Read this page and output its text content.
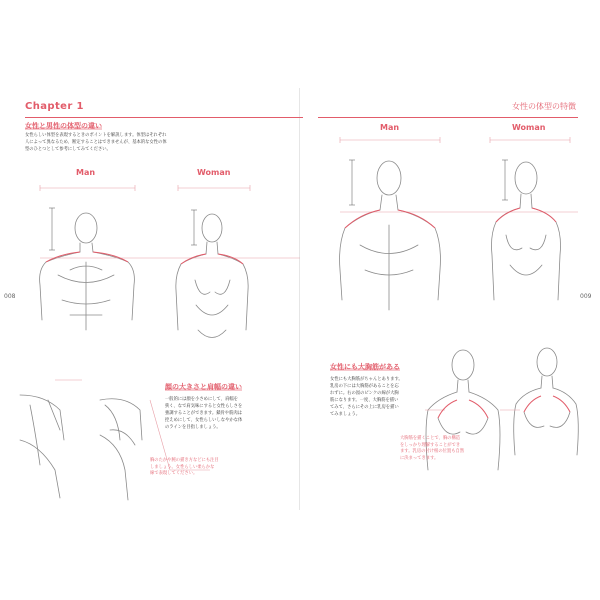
Chapter 1
女性と男性の体型の違い
女性らしい体型を表現するときのポイントを解説します。体型はそれぞれ
人によって異なるため、断定することはできませんが、基本的な女性の体
型のひとつとして参考にしてみてください。
Man	Woman
顔の大きさと肩幅の違い
一般的には顔を小さめにして、肩幅を
狭く、なで肩気味にすると女性らしさを
強調することができます。鎖骨や筋肉は
控えめにして、女性らしいしなやかな体
のラインを目指しましょう。
胸のたかや腕の描き方などにも注目
しましょう。女性らしい柔らかな
線で表現してください。
008
女性の体型の特徴
Man	Woman
女性にも大胸筋がある
女性にも大胸筋がちゃんとあります。
乳房の下には大胸筋があることを忘
れずに。右の図のピンクの線が大胸
筋になります。一度、大胸筋を描い
てみて、さらにその上に乳房を描い
てみましょう。
大胸筋を描くことで、胸の構造
をしっかり理解することができ
ます。乳房の付け根の位置も自然
に決まってきます。
009
